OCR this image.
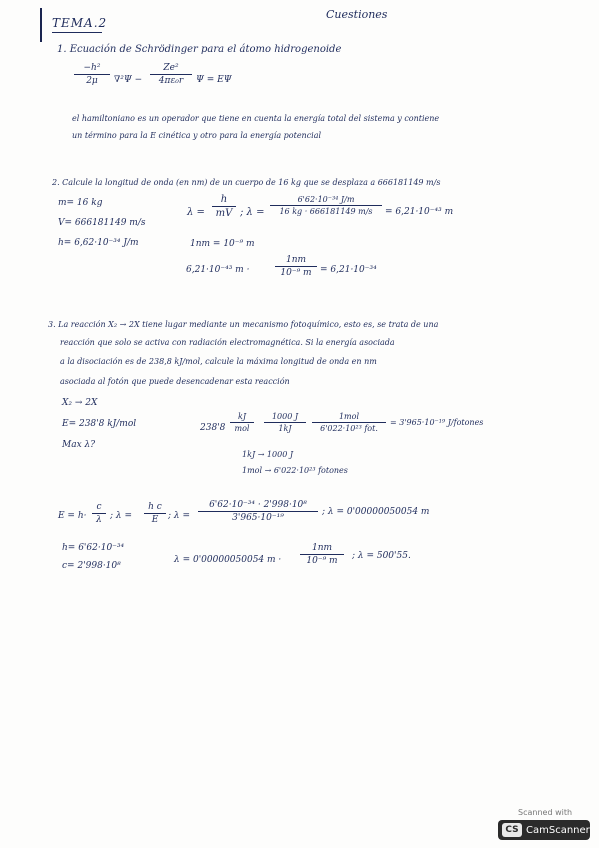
TEMA.2
Cuestiones
1. Ecuación de Schrödinger para el átomo hidrogenoide
−h²
2μ	∇²Ψ −
Ze²
4πε₀r	Ψ = EΨ
el hamiltoniano es un operador que tiene en cuenta la energía total del sistema y contiene
un término para la E cinética y otro para la energía potencial
2. Calcule la longitud de onda (en nm) de un cuerpo de 16 kg que se desplaza a 666181149 m/s
m= 16 kg
V= 666181149 m/s
h= 6,62·10⁻³⁴ J/m
λ =
h
mV ; λ =
6'62·10⁻³⁴ J/m
16 kg · 666181149 m/s	= 6,21·10⁻⁴³ m
1nm = 10⁻⁹ m
6,21·10⁻⁴³ m ·
1nm
10⁻⁹ m = 6,21·10⁻³⁴
3. La reacción X₂ → 2X tiene lugar mediante un mecanismo fotoquímico, esto es, se trata de una
reacción que solo se activa con radiación electromagnética. Si la energía asociada
a la disociación es de 238,8 kJ/mol, calcule la máxima longitud de onda en nm
asociada al fotón que puede desencadenar esta reacción
X₂ → 2X
E= 238'8 kJ/mol
Max λ?
238'8
kJ
mol
1000 J
1kJ
1mol
6'022·10²³ fot.
= 3'965·10⁻¹⁹ J/fotones
1kJ → 1000 J
1mol → 6'022·10²³ fotones
E = h·
c
λ ; λ =
h c
E	; λ =
6'62·10⁻³⁴ · 2'998·10⁸
3'965·10⁻¹⁹
; λ = 0'00000050054 m
h= 6'62·10⁻³⁴
c= 2'998·10⁸
λ = 0'00000050054 m ·
1nm
10⁻⁹ m	; λ = 500'55.
Scanned with
CS CamScanner
